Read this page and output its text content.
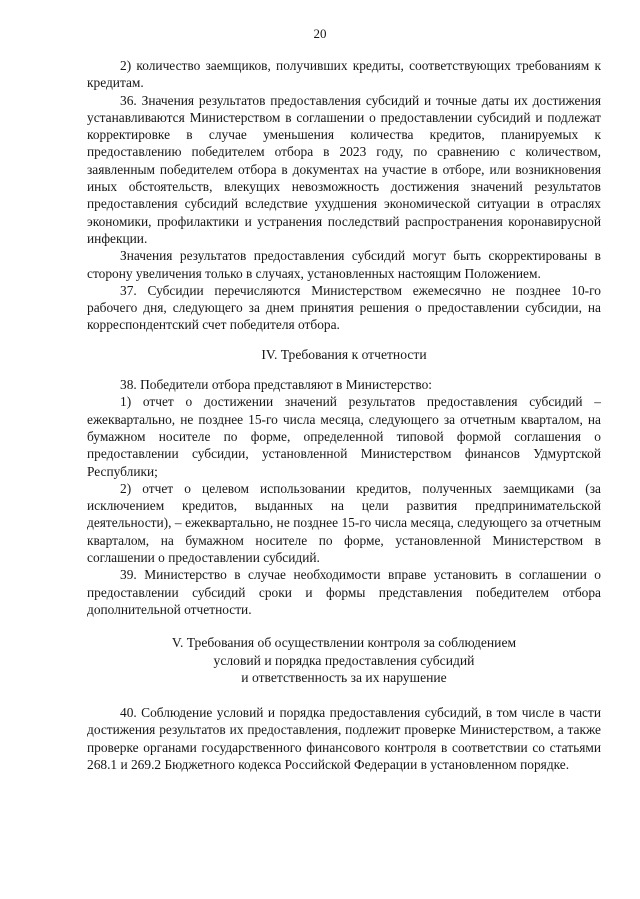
20

2) количество заемщиков, получивших кредиты, соответствующих требованиям к кредитам.

36. Значения результатов предоставления субсидий и точные даты их достижения устанавливаются Министерством в соглашении о предоставлении субсидий и подлежат корректировке в случае уменьшения количества кредитов, планируемых к предоставлению победителем отбора в 2023 году, по сравнению с количеством, заявленным победителем отбора в документах на участие в отборе, или возникновения иных обстоятельств, влекущих невозможность достижения значений результатов предоставления субсидий вследствие ухудшения экономической ситуации в отраслях экономики, профилактики и устранения последствий распространения коронавирусной инфекции.

Значения результатов предоставления субсидий могут быть скорректированы в сторону увеличения только в случаях, установленных настоящим Положением.

37. Субсидии перечисляются Министерством ежемесячно не позднее 10-го рабочего дня, следующего за днем принятия решения о предоставлении субсидии, на корреспондентский счет победителя отбора.

IV. Требования к отчетности

38. Победители отбора представляют в Министерство:

1) отчет о достижении значений результатов предоставления субсидий – ежеквартально, не позднее 15-го числа месяца, следующего за отчетным кварталом, на бумажном носителе по форме, определенной типовой формой соглашения о предоставлении субсидии, установленной Министерством финансов Удмуртской Республики;

2) отчет о целевом использовании кредитов, полученных заемщиками (за исключением кредитов, выданных на цели развития предпринимательской деятельности), – ежеквартально, не позднее 15-го числа месяца, следующего за отчетным кварталом, на бумажном носителе по форме, установленной Министерством в соглашении о предоставлении субсидий.

39. Министерство в случае необходимости вправе установить в соглашении о предоставлении субсидий сроки и формы представления победителем отбора дополнительной отчетности.

V. Требования об осуществлении контроля за соблюдением

условий и порядка предоставления субсидий

и ответственность за их нарушение

40. Соблюдение условий и порядка предоставления субсидий, в том числе в части достижения результатов их предоставления, подлежит проверке Министерством, а также проверке органами государственного финансового контроля в соответствии со статьями 268.1 и 269.2 Бюджетного кодекса Российской Федерации в установленном порядке.
